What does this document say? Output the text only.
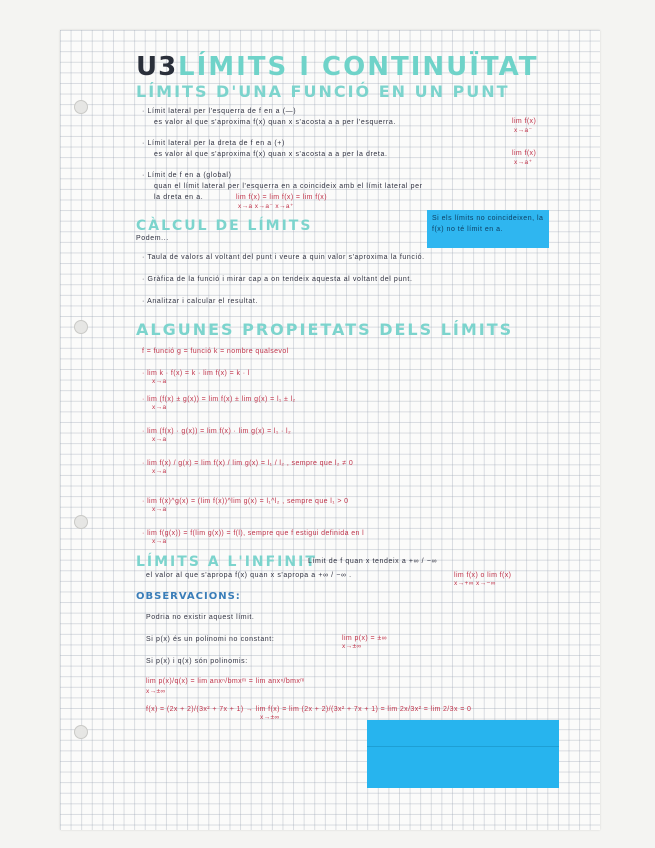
U3 LÍMITS I CONTINUÏTAT
LÍMITS D'UNA FUNCIÓ EN UN PUNT
· Límit lateral per l'esquerra de f en a (—)
es valor al que s'aproxima f(x) quan x s'acosta a a per l'esquerra.	lim f(x)
x→a⁻
· Límit lateral per la dreta de f en a (+)
es valor al que s'aproxima f(x) quan x s'acosta a a per la dreta.	lim f(x)
x→a⁺
· Límit de f en a (global)
quan el límit lateral per l'esquerra en a coincideix amb el límit lateral per
la dreta en a.	lim f(x) = lim f(x) = lim f(x)
x→a x→a⁻ x→a⁺
Si els límits no coincideixen, la f(x) no té límit en a.
CÀLCUL DE LÍMITS
Podem...
· Taula de valors al voltant del punt i veure a quin valor s'aproxima la funció.
· Gràfica de la funció i mirar cap a on tendeix aquesta al voltant del punt.
· Analitzar i calcular el resultat.
ALGUNES PROPIETATS DELS LÍMITS
f = funció g = funció k = nombre qualsevol
· lim k · f(x) = k · lim f(x) = k · l
x→a
· lim (f(x) ± g(x)) = lim f(x) ± lim g(x) = l₁ ± l₂
x→a
· lim (f(x) · g(x)) = lim f(x) · lim g(x) = l₁ · l₂
x→a
· lim f(x) / g(x) = lim f(x) / lim g(x) = l₁ / l₂ , sempre que l₂ ≠ 0
x→a
· lim f(x)^g(x) = (lim f(x))^lim g(x) = l₁^l₂ , sempre que l₁ > 0
x→a
· lim f(g(x)) = f(lim g(x)) = f(l), sempre que f estigui definida en l
x→a
LÍMITS A L'INFINIT
Límit de f quan x tendeix a +∞ / −∞
el valor al que s'apropa f(x) quan x s'apropa a +∞ / −∞ .	lim f(x) o lim f(x)
x→+∞ x→−∞
OBSERVACIONS:
Podria no existir aquest límit.
Si p(x) és un polinomi no constant:	lim p(x) = ±∞
x→±∞
Si p(x) i q(x) són polinomis:
lim p(x)/q(x) = lim anxⁿ/bmxᵐ = lim anxⁿ/bmxᵐ
x→±∞
f(x) = (2x + 2)/(3x² + 7x + 1) → lim f(x) = lim (2x + 2)/(3x² + 7x + 1) = lim 2x/3x² = lim 2/3x = 0
x→±∞
